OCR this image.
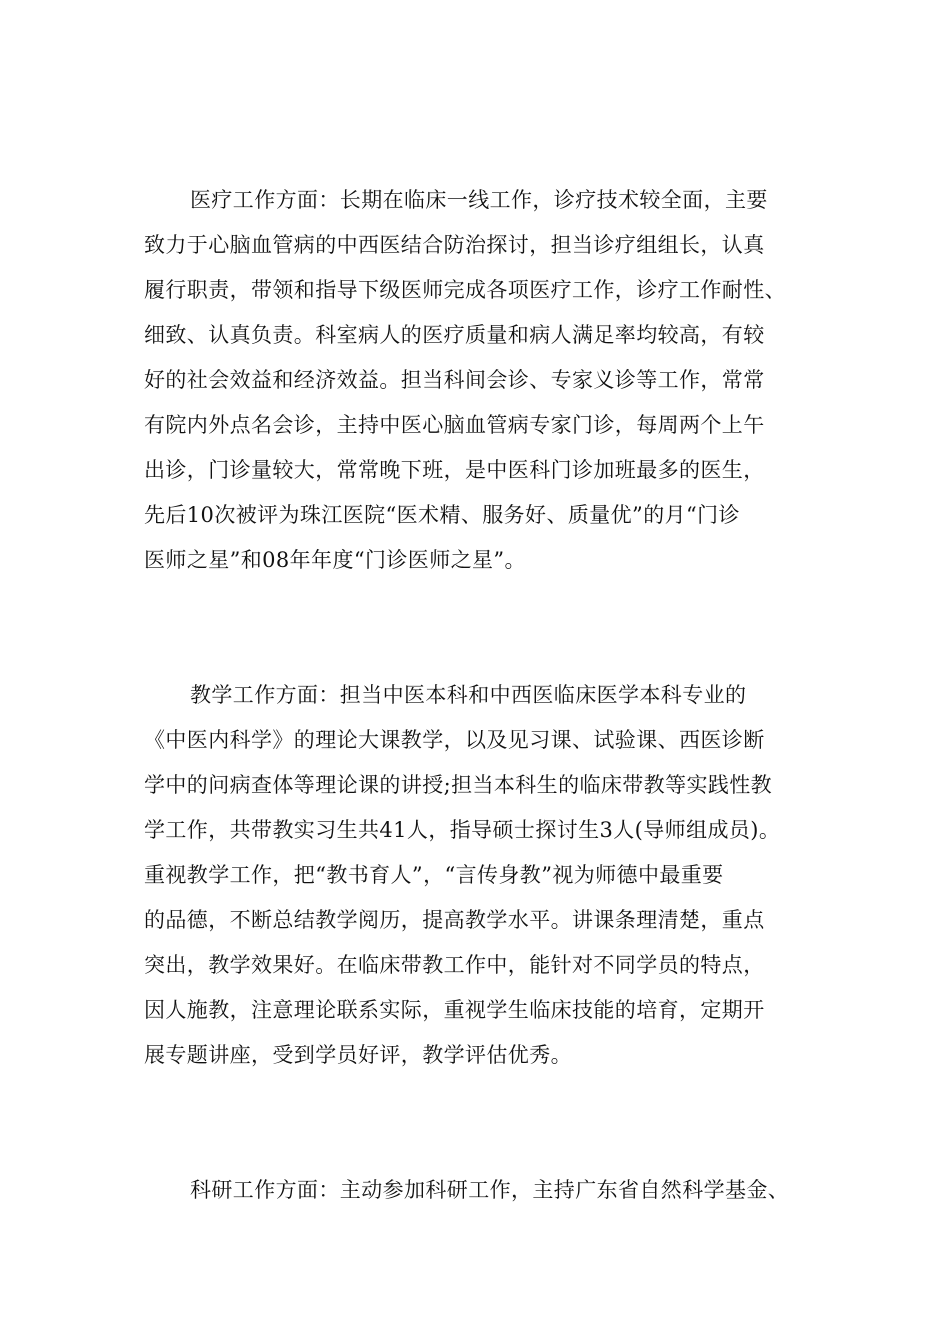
医疗工作方面：长期在临床一线工作，诊疗技术较全面，主要
致力于心脑血管病的中西医结合防治探讨，担当诊疗组组长，认真
履行职责，带领和指导下级医师完成各项医疗工作，诊疗工作耐性、
细致、认真负责。科室病人的医疗质量和病人满足率均较高，有较
好的社会效益和经济效益。担当科间会诊、专家义诊等工作，常常
有院内外点名会诊，主持中医心脑血管病专家门诊，每周两个上午
出诊，门诊量较大，常常晚下班，是中医科门诊加班最多的医生，
先后10次被评为珠江医院“医术精、服务好、质量优”的月“门诊
医师之星”和08年年度“门诊医师之星”。

教学工作方面：担当中医本科和中西医临床医学本科专业的
《中医内科学》的理论大课教学，以及见习课、试验课、西医诊断
学中的问病查体等理论课的讲授;担当本科生的临床带教等实践性教
学工作，共带教实习生共41人，指导硕士探讨生3人(导师组成员)。
重视教学工作，把“教书育人”，“言传身教”视为师德中最重要
的品德，不断总结教学阅历，提高教学水平。讲课条理清楚，重点
突出，教学效果好。在临床带教工作中，能针对不同学员的特点，
因人施教，注意理论联系实际，重视学生临床技能的培育，定期开
展专题讲座，受到学员好评，教学评估优秀。

科研工作方面：主动参加科研工作，主持广东省自然科学基金、
